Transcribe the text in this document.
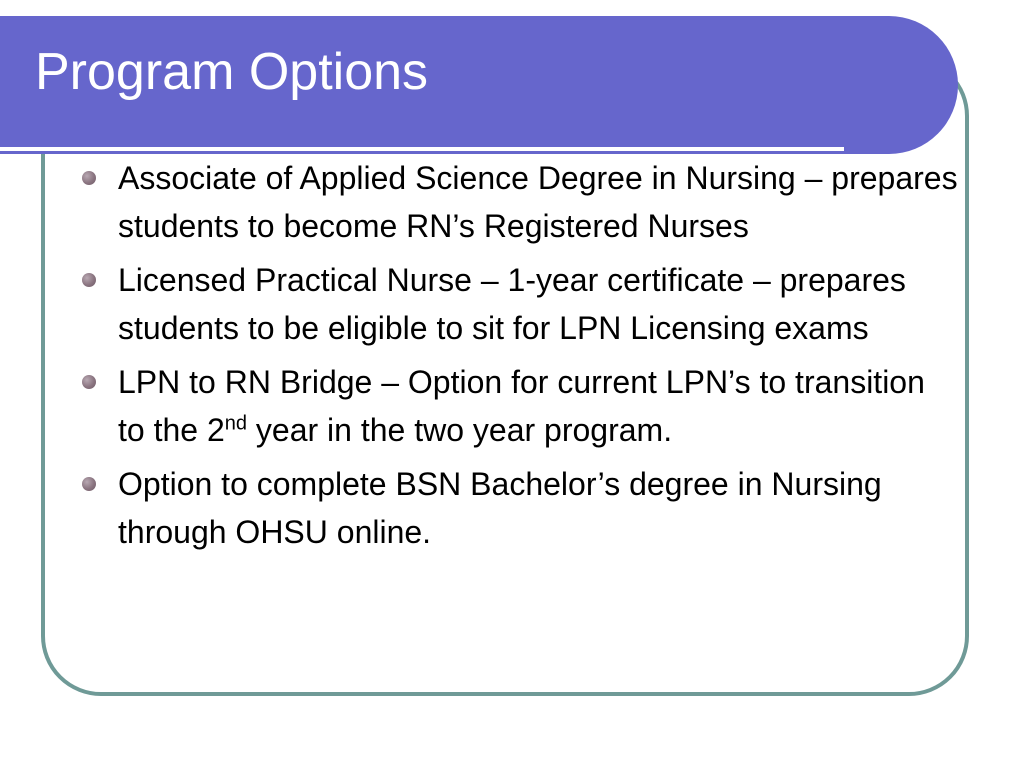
Program Options
Associate of Applied Science Degree in Nursing – prepares students to become RN’s Registered Nurses
Licensed Practical Nurse – 1-year certificate – prepares students to be eligible to sit for LPN Licensing exams
LPN to RN Bridge – Option for current LPN’s to transition to the 2nd year in the two year program.
Option to complete BSN Bachelor’s degree in Nursing through OHSU online.
